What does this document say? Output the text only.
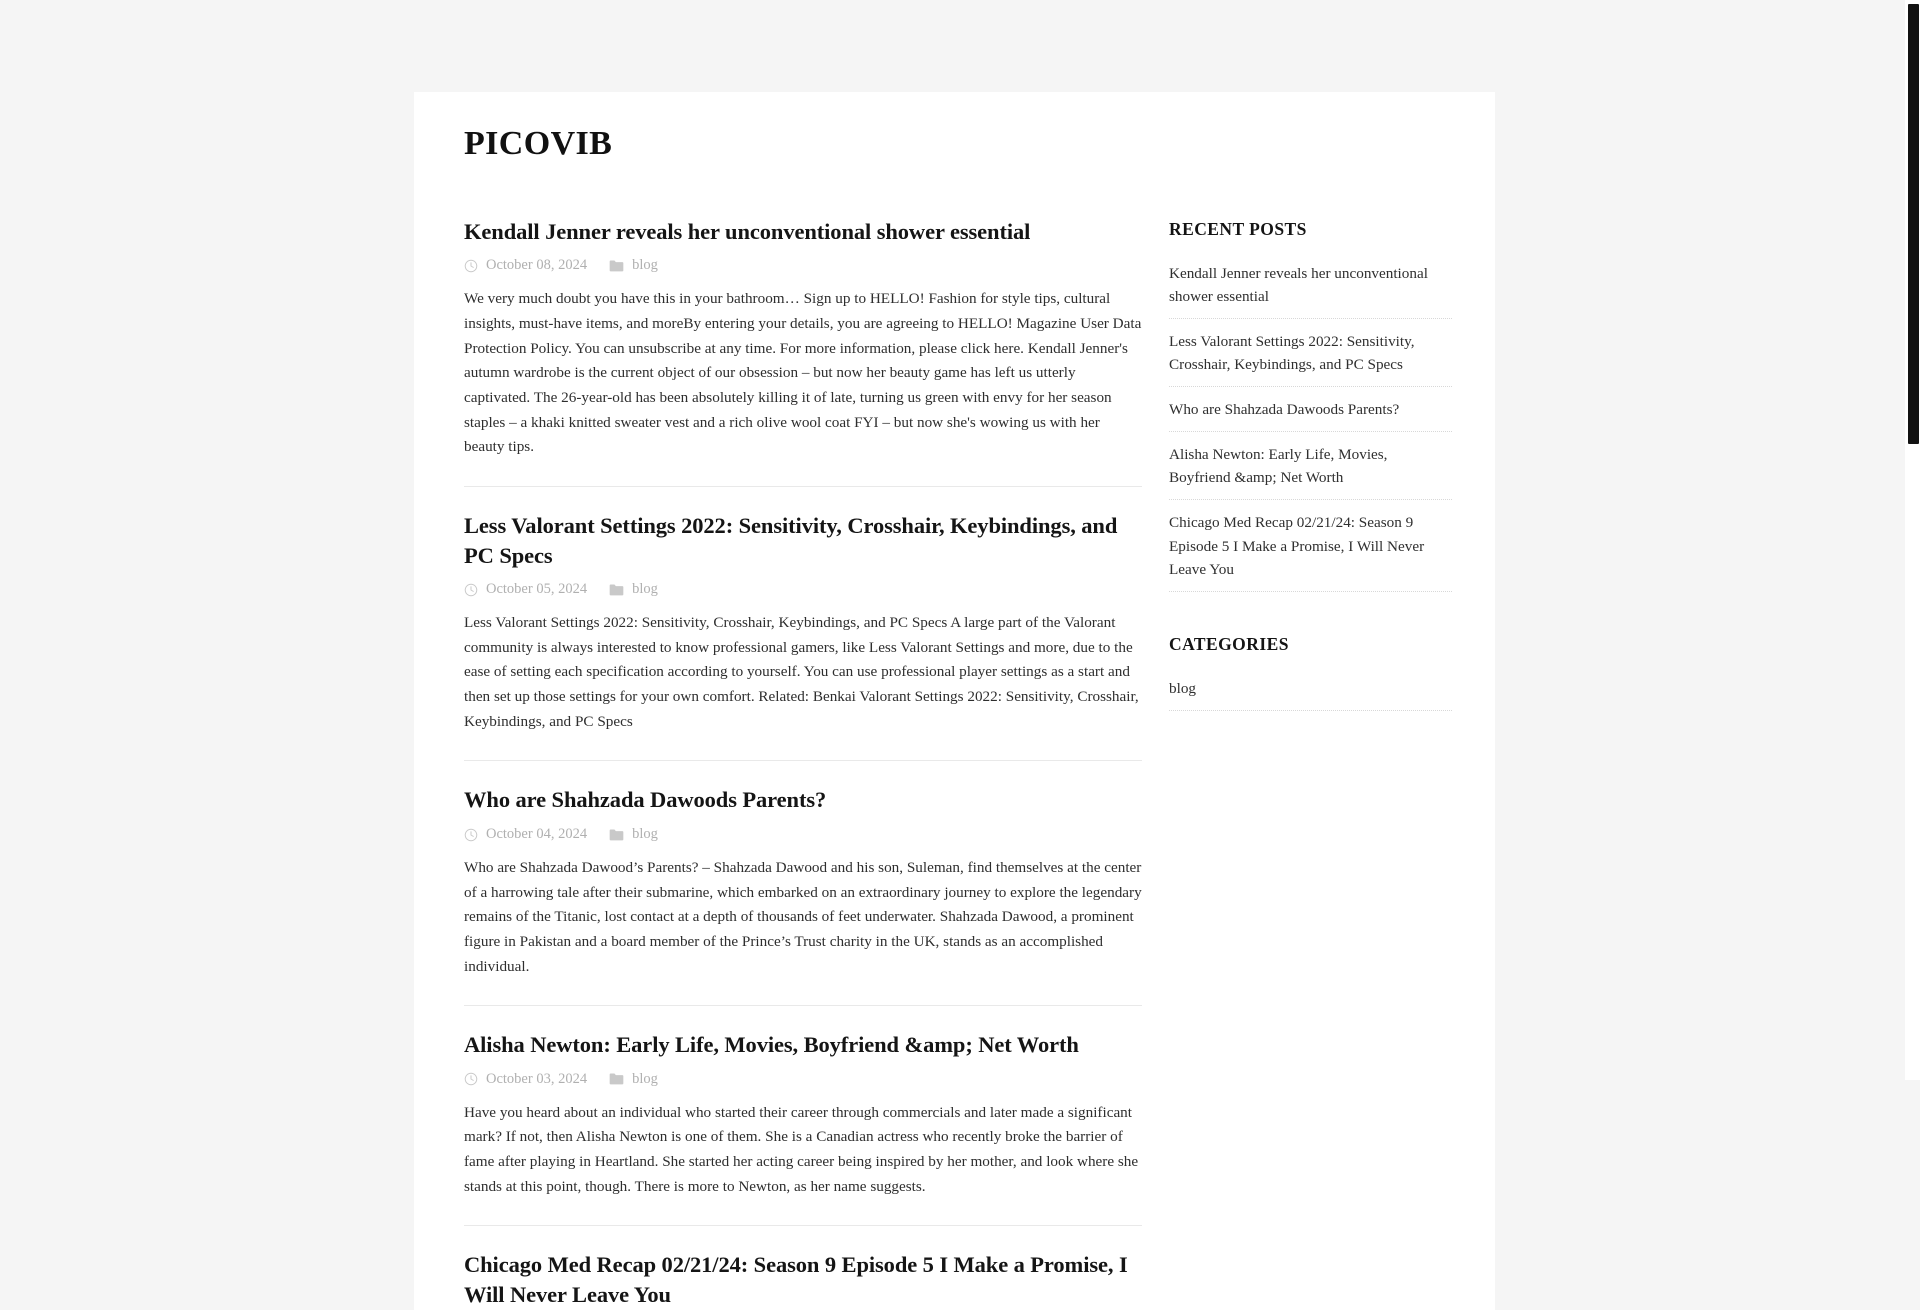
PICOVIB
Kendall Jenner reveals her unconventional shower essential
October 08, 2024	blog

We very much doubt you have this in your bathroom… Sign up to HELLO! Fashion for style tips, cultural insights, must-have items, and moreBy entering your details, you are agreeing to HELLO! Magazine User Data Protection Policy. You can unsubscribe at any time. For more information, please click here. Kendall Jenner's autumn wardrobe is the current object of our obsession – but now her beauty game has left us utterly captivated. The 26-year-old has been absolutely killing it of late, turning us green with envy for her season staples – a khaki knitted sweater vest and a rich olive wool coat FYI – but now she's wowing us with her beauty tips.

Less Valorant Settings 2022: Sensitivity, Crosshair, Keybindings, and PC Specs
October 05, 2024	blog

Less Valorant Settings 2022: Sensitivity, Crosshair, Keybindings, and PC Specs A large part of the Valorant community is always interested to know professional gamers, like Less Valorant Settings and more, due to the ease of setting each specification according to yourself. You can use professional player settings as a start and then set up those settings for your own comfort. Related: Benkai Valorant Settings 2022: Sensitivity, Crosshair, Keybindings, and PC Specs

Who are Shahzada Dawoods Parents?
October 04, 2024	blog

Who are Shahzada Dawood’s Parents? – Shahzada Dawood and his son, Suleman, find themselves at the center of a harrowing tale after their submarine, which embarked on an extraordinary journey to explore the legendary remains of the Titanic, lost contact at a depth of thousands of feet underwater. Shahzada Dawood, a prominent figure in Pakistan and a board member of the Prince’s Trust charity in the UK, stands as an accomplished individual.

Alisha Newton: Early Life, Movies, Boyfriend &amp; Net Worth
October 03, 2024	blog

Have you heard about an individual who started their career through commercials and later made a significant mark? If not, then Alisha Newton is one of them. She is a Canadian actress who recently broke the barrier of fame after playing in Heartland. She started her acting career being inspired by her mother, and look where she stands at this point, though. There is more to Newton, as her name suggests.

Chicago Med Recap 02/21/24: Season 9 Episode 5 I Make a Promise, I Will Never Leave You
RECENT POSTS
Kendall Jenner reveals her unconventional shower essential
Less Valorant Settings 2022: Sensitivity, Crosshair, Keybindings, and PC Specs
Who are Shahzada Dawoods Parents?
Alisha Newton: Early Life, Movies, Boyfriend &amp; Net Worth
Chicago Med Recap 02/21/24: Season 9 Episode 5 I Make a Promise, I Will Never Leave You
CATEGORIES
blog
